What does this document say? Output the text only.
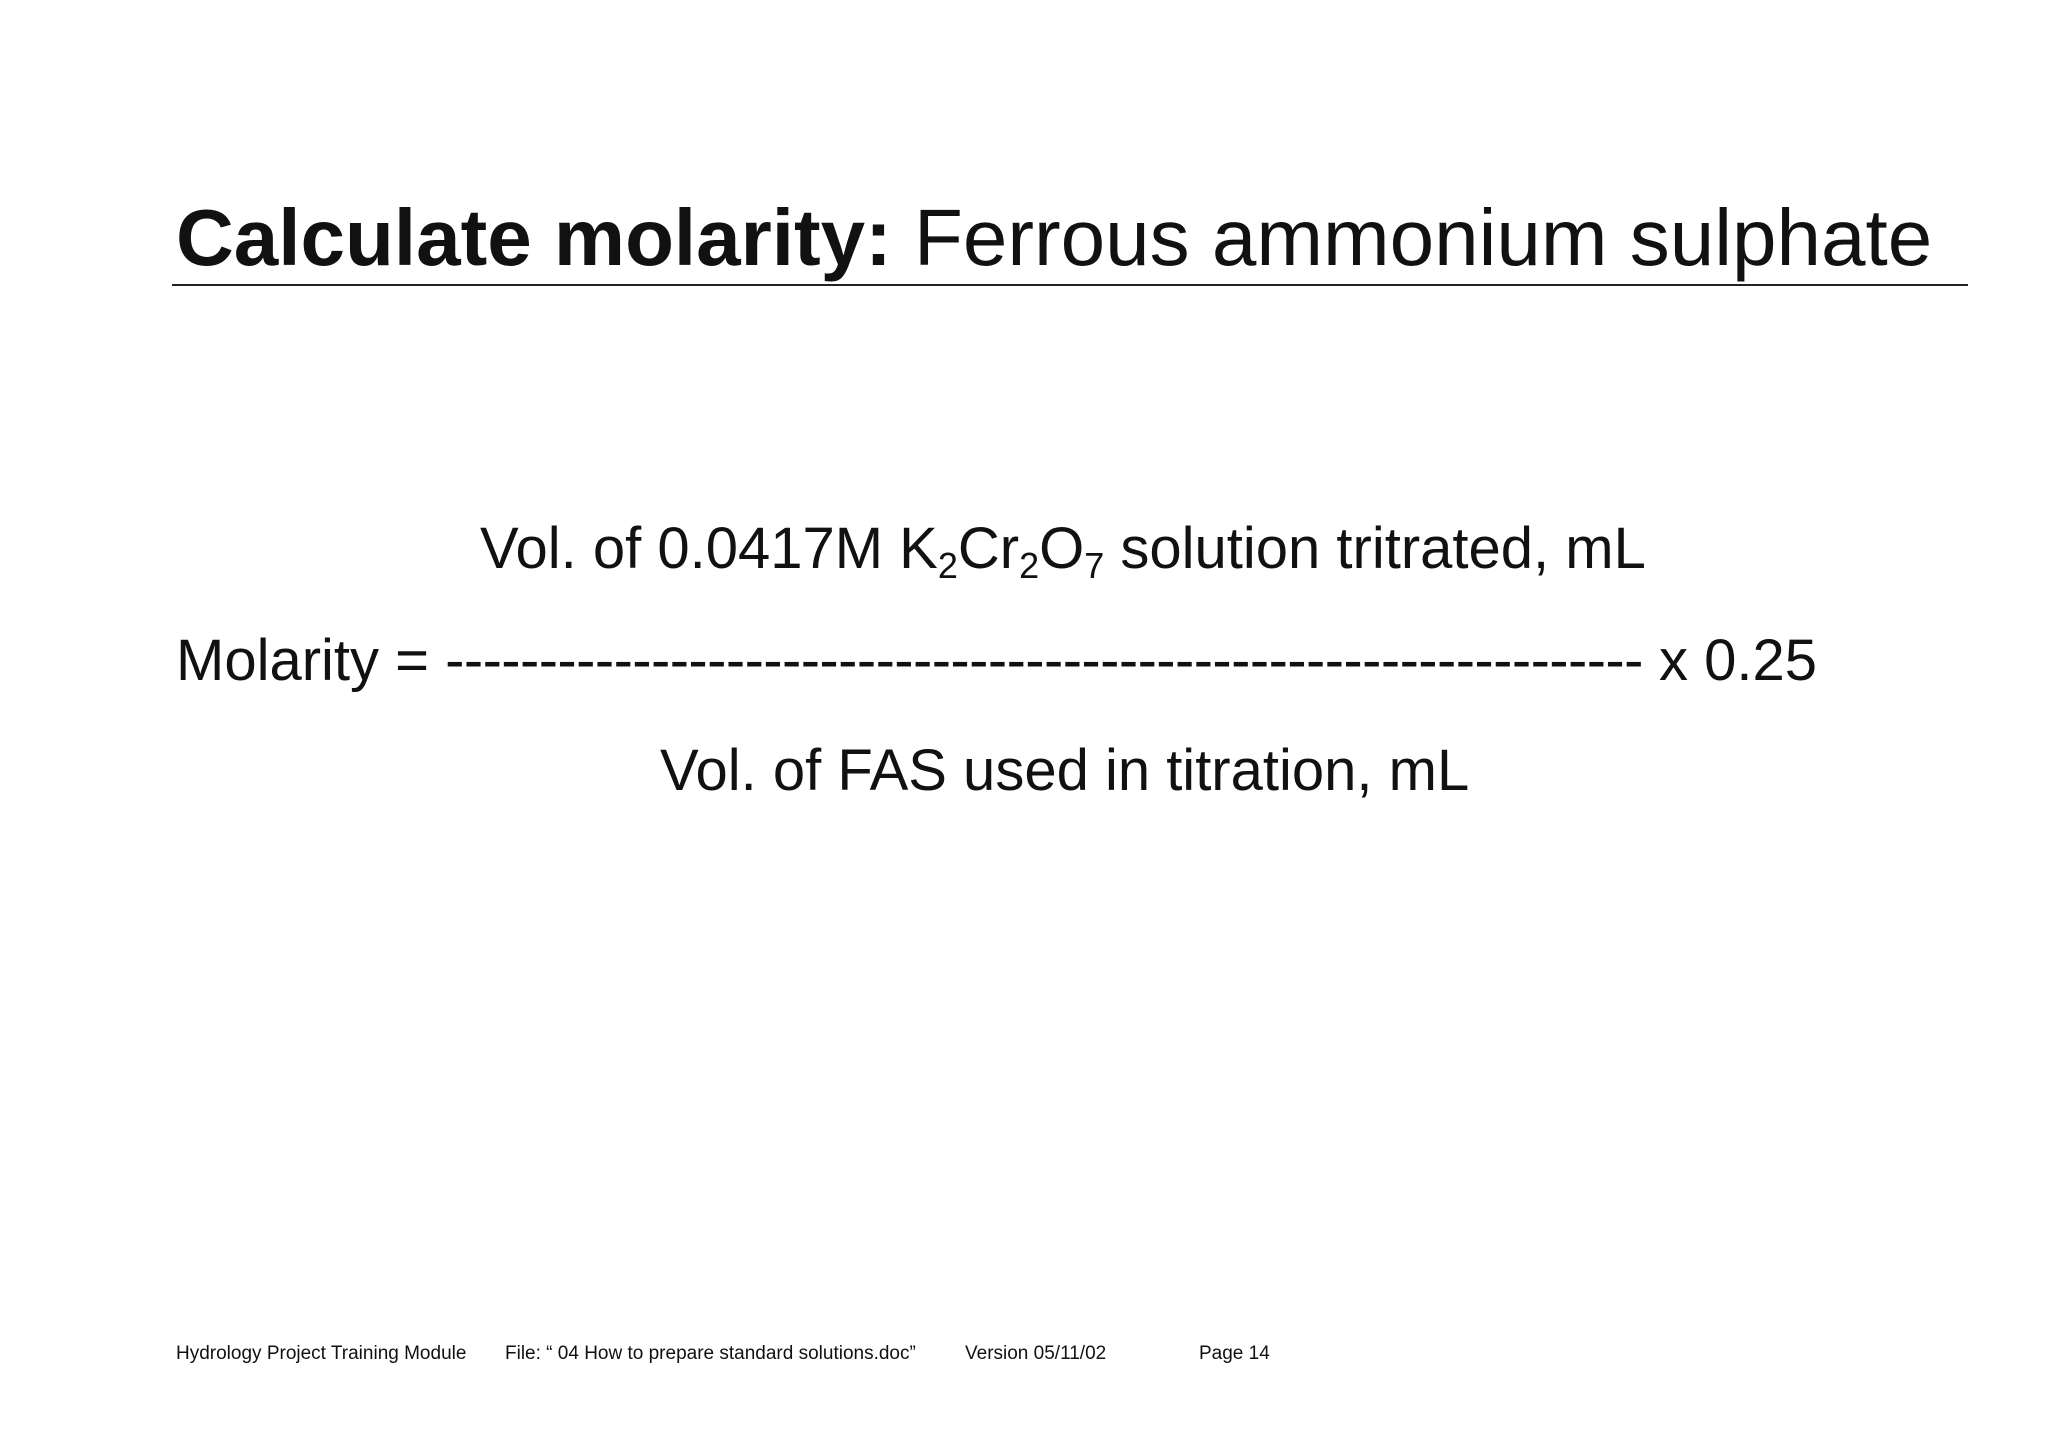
Calculate molarity: Ferrous ammonium sulphate
Vol. of 0.0417M $K_2Cr_2O_7$ solution tritrated, mL
Molarity = ---------------------------------------------------------------- x 0.25
Vol. of FAS used in titration, mL
Hydrology Project Training Module File: “ 04 How to prepare standard solutions.doc”	Version 05/11/02	Page 14
